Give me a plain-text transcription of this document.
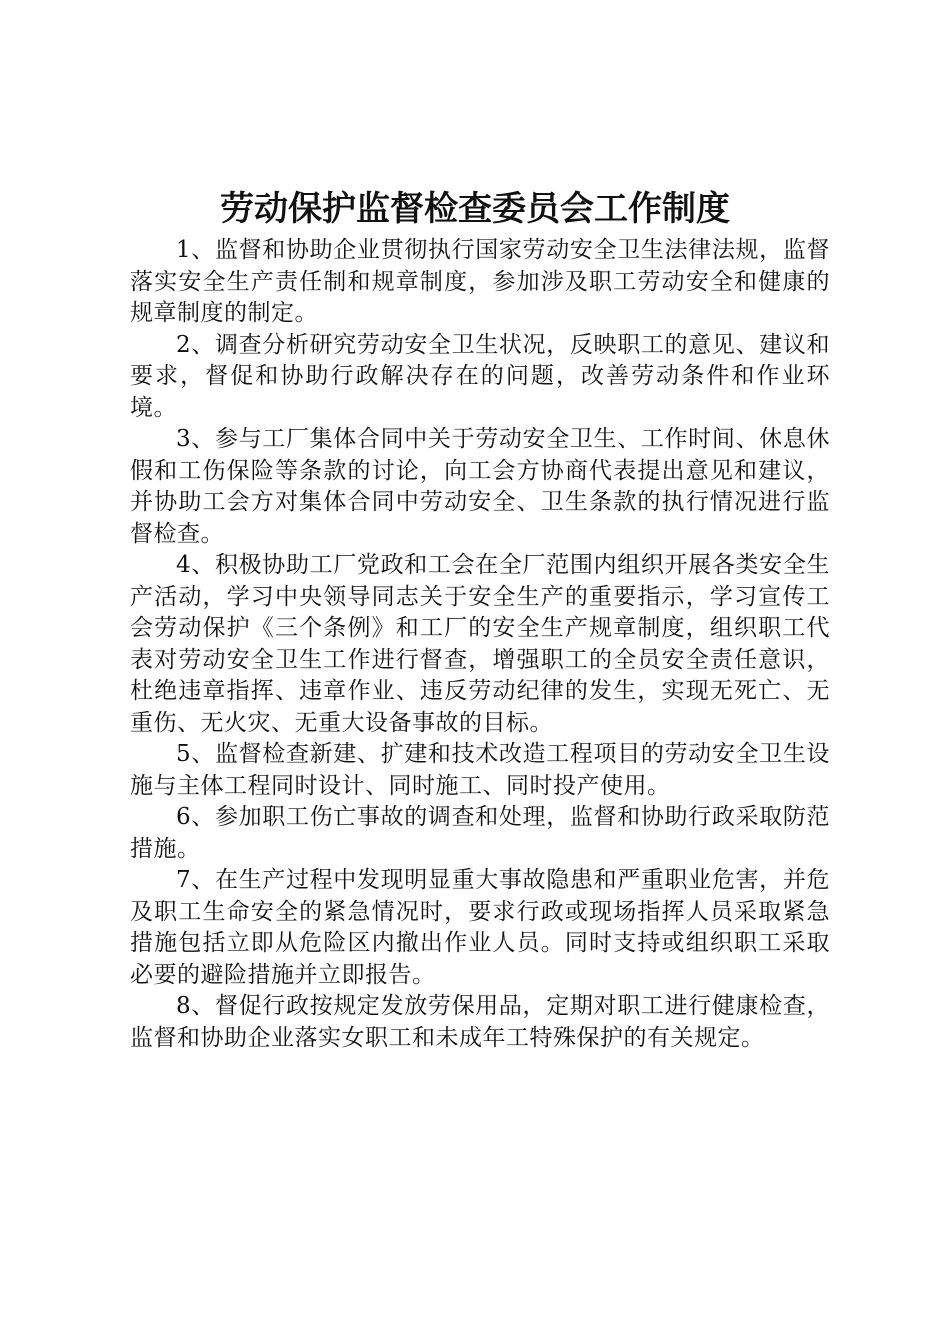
劳动保护监督检查委员会工作制度

1、监督和协助企业贯彻执行国家劳动安全卫生法律法规，监督落实安全生产责任制和规章制度，参加涉及职工劳动安全和健康的规章制度的制定。

2、调查分析研究劳动安全卫生状况，反映职工的意见、建议和要求，督促和协助行政解决存在的问题，改善劳动条件和作业环境。

3、参与工厂集体合同中关于劳动安全卫生、工作时间、休息休假和工伤保险等条款的讨论，向工会方协商代表提出意见和建议，并协助工会方对集体合同中劳动安全、卫生条款的执行情况进行监督检查。

4、积极协助工厂党政和工会在全厂范围内组织开展各类安全生产活动，学习中央领导同志关于安全生产的重要指示，学习宣传工会劳动保护《三个条例》和工厂的安全生产规章制度，组织职工代表对劳动安全卫生工作进行督查，增强职工的全员安全责任意识，杜绝违章指挥、违章作业、违反劳动纪律的发生，实现无死亡、无重伤、无火灾、无重大设备事故的目标。

5、监督检查新建、扩建和技术改造工程项目的劳动安全卫生设施与主体工程同时设计、同时施工、同时投产使用。

6、参加职工伤亡事故的调查和处理，监督和协助行政采取防范措施。

7、在生产过程中发现明显重大事故隐患和严重职业危害，并危及职工生命安全的紧急情况时，要求行政或现场指挥人员采取紧急措施包括立即从危险区内撤出作业人员。同时支持或组织职工采取必要的避险措施并立即报告。

8、督促行政按规定发放劳保用品，定期对职工进行健康检查，监督和协助企业落实女职工和未成年工特殊保护的有关规定。
